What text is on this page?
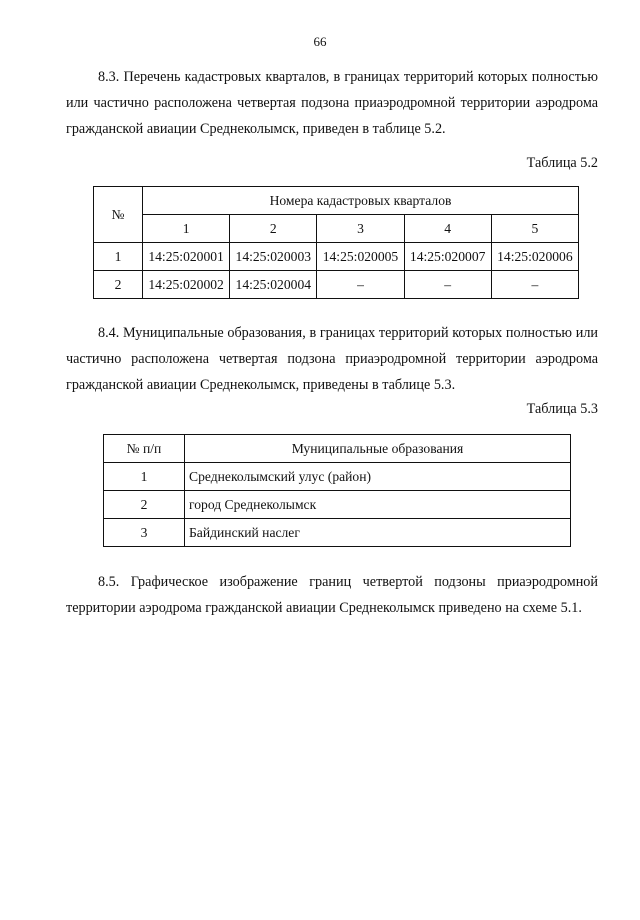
66

8.3. Перечень кадастровых кварталов, в границах территорий которых полностью или частично расположена четвертая подзона приаэродромной территории аэродрома гражданской авиации Среднеколымск, приведен в таблице 5.2.

Таблица 5.2
№	Номера кадастровых кварталов				
	1	2	3	4	5
1	14:25:020001	14:25:020003	14:25:020005	14:25:020007	14:25:020006
2	14:25:020002	14:25:020004	–	–	–

8.4. Муниципальные образования, в границах территорий которых полностью или частично расположена четвертая подзона приаэродромной территории аэродрома гражданской авиации Среднеколымск, приведены в таблице 5.3.

Таблица 5.3
№ п/п	Муниципальные образования
1	Среднеколымский улус (район)
2	город Среднеколымск
3	Байдинский наслег

8.5. Графическое изображение границ четвертой подзоны приаэродромной территории аэродрома гражданской авиации Среднеколымск приведено на схеме 5.1.
